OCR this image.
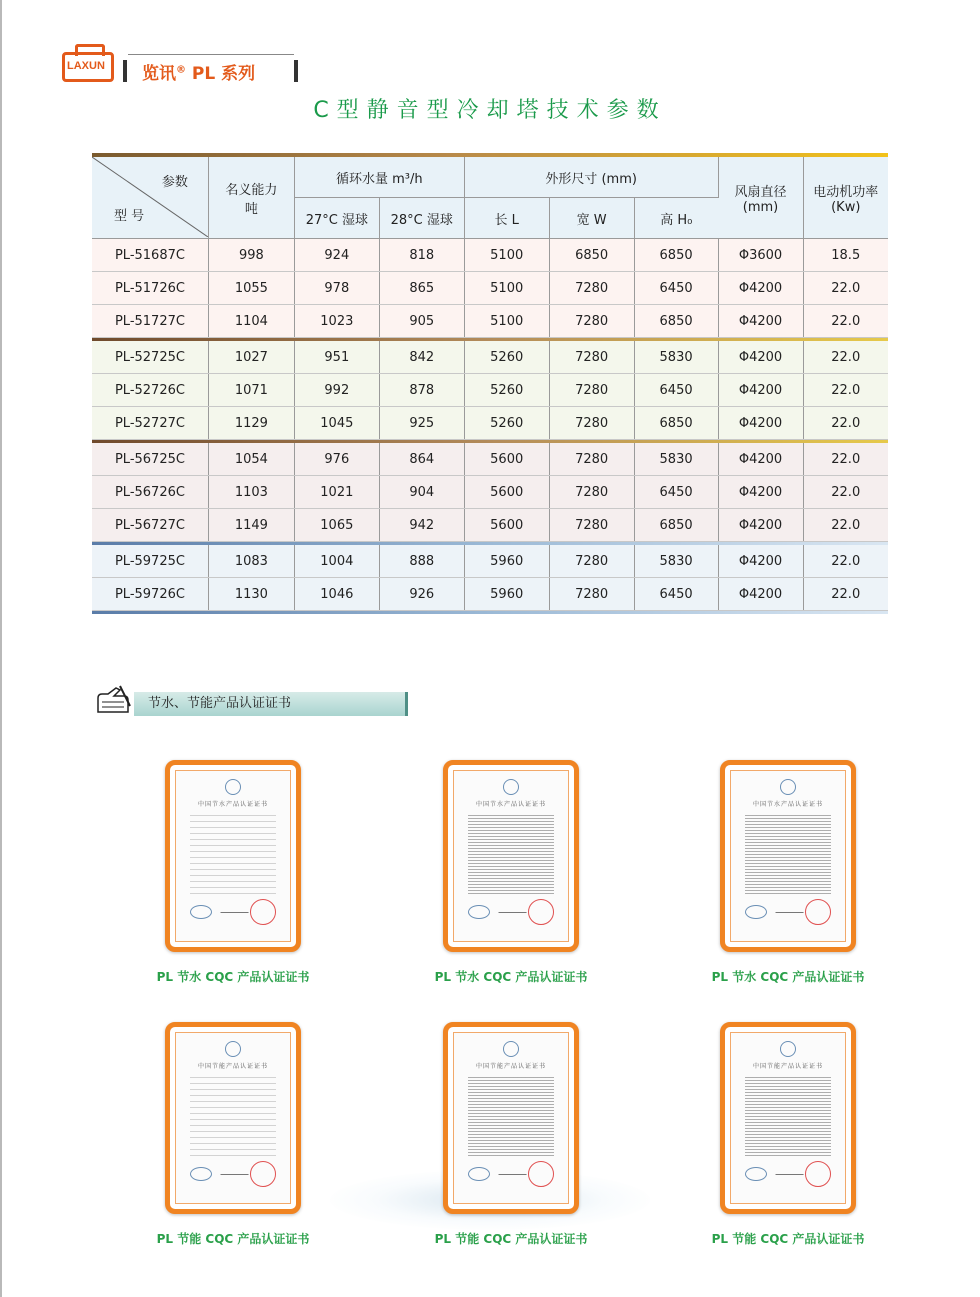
LAXUN 览讯® PL 系列
C型静音型冷却塔技术参数

参数
型 号	名义能力
吨	循环水量 m³/h		外形尺寸 (mm)			风扇直径
(mm)	电动机功率
(Kw)
		27°C 湿球	28°C 湿球	长 L	宽 W	高 H₀		
PL-51687C	998	924	818	5100	6850	6850	Φ3600	18.5
PL-51726C	1055	978	865	5100	7280	6450	Φ4200	22.0
PL-51727C	1104	1023	905	5100	7280	6850	Φ4200	22.0

PL-52725C	1027	951	842	5260	7280	5830	Φ4200	22.0
PL-52726C	1071	992	878	5260	7280	6450	Φ4200	22.0
PL-52727C	1129	1045	925	5260	7280	6850	Φ4200	22.0

PL-56725C	1054	976	864	5600	7280	5830	Φ4200	22.0
PL-56726C	1103	1021	904	5600	7280	6450	Φ4200	22.0
PL-56727C	1149	1065	942	5600	7280	6850	Φ4200	22.0

PL-59725C	1083	1004	888	5960	7280	5830	Φ4200	22.0
PL-59726C	1130	1046	926	5960	7280	6450	Φ4200	22.0

节水、节能产品认证证书
中国节水产品认证证书
PL 节水 CQC 产品认证证书
中国节水产品认证证书
PL 节水 CQC 产品认证证书
中国节水产品认证证书
PL 节水 CQC 产品认证证书
中国节能产品认证证书
PL 节能 CQC 产品认证证书
中国节能产品认证证书
PL 节能 CQC 产品认证证书
中国节能产品认证证书
PL 节能 CQC 产品认证证书
